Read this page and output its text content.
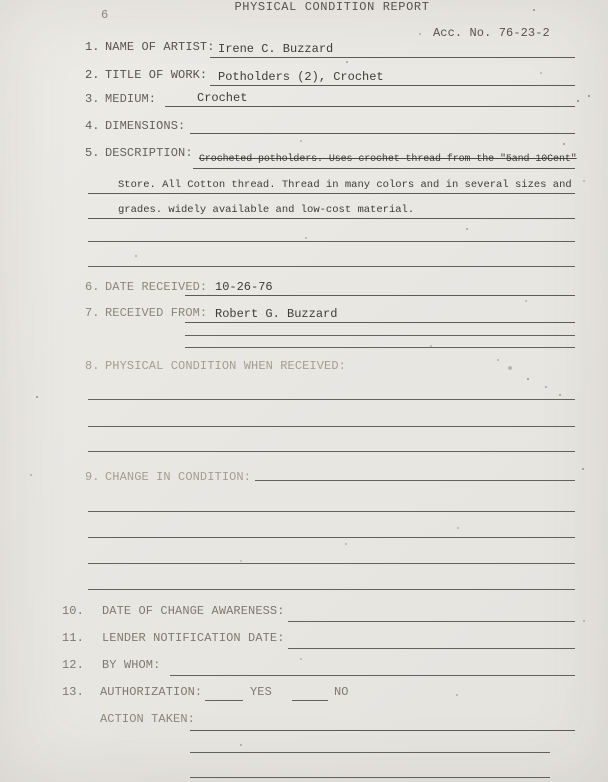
PHYSICAL CONDITION REPORT
6
Acc. No. 76-23-2
1. NAME OF ARTIST: Irene C. Buzzard
2. TITLE OF WORK: Potholders (2), Crochet
3. MEDIUM:	Crochet
4. DIMENSIONS:
5. DESCRIPTION: Crocheted potholders. Uses crochet thread from the "5and 10Cent"
Store. All Cotton thread. Thread in many colors and in several sizes and
grades. widely available and low-cost material.
6. DATE RECEIVED: 10-26-76
7. RECEIVED FROM: Robert G. Buzzard
8. PHYSICAL CONDITION WHEN RECEIVED:
9. CHANGE IN CONDITION:
10. DATE OF CHANGE AWARENESS:
11. LENDER NOTIFICATION DATE:
12. BY WHOM:
13. AUTHORIZATION:	YES	NO
ACTION TAKEN:
